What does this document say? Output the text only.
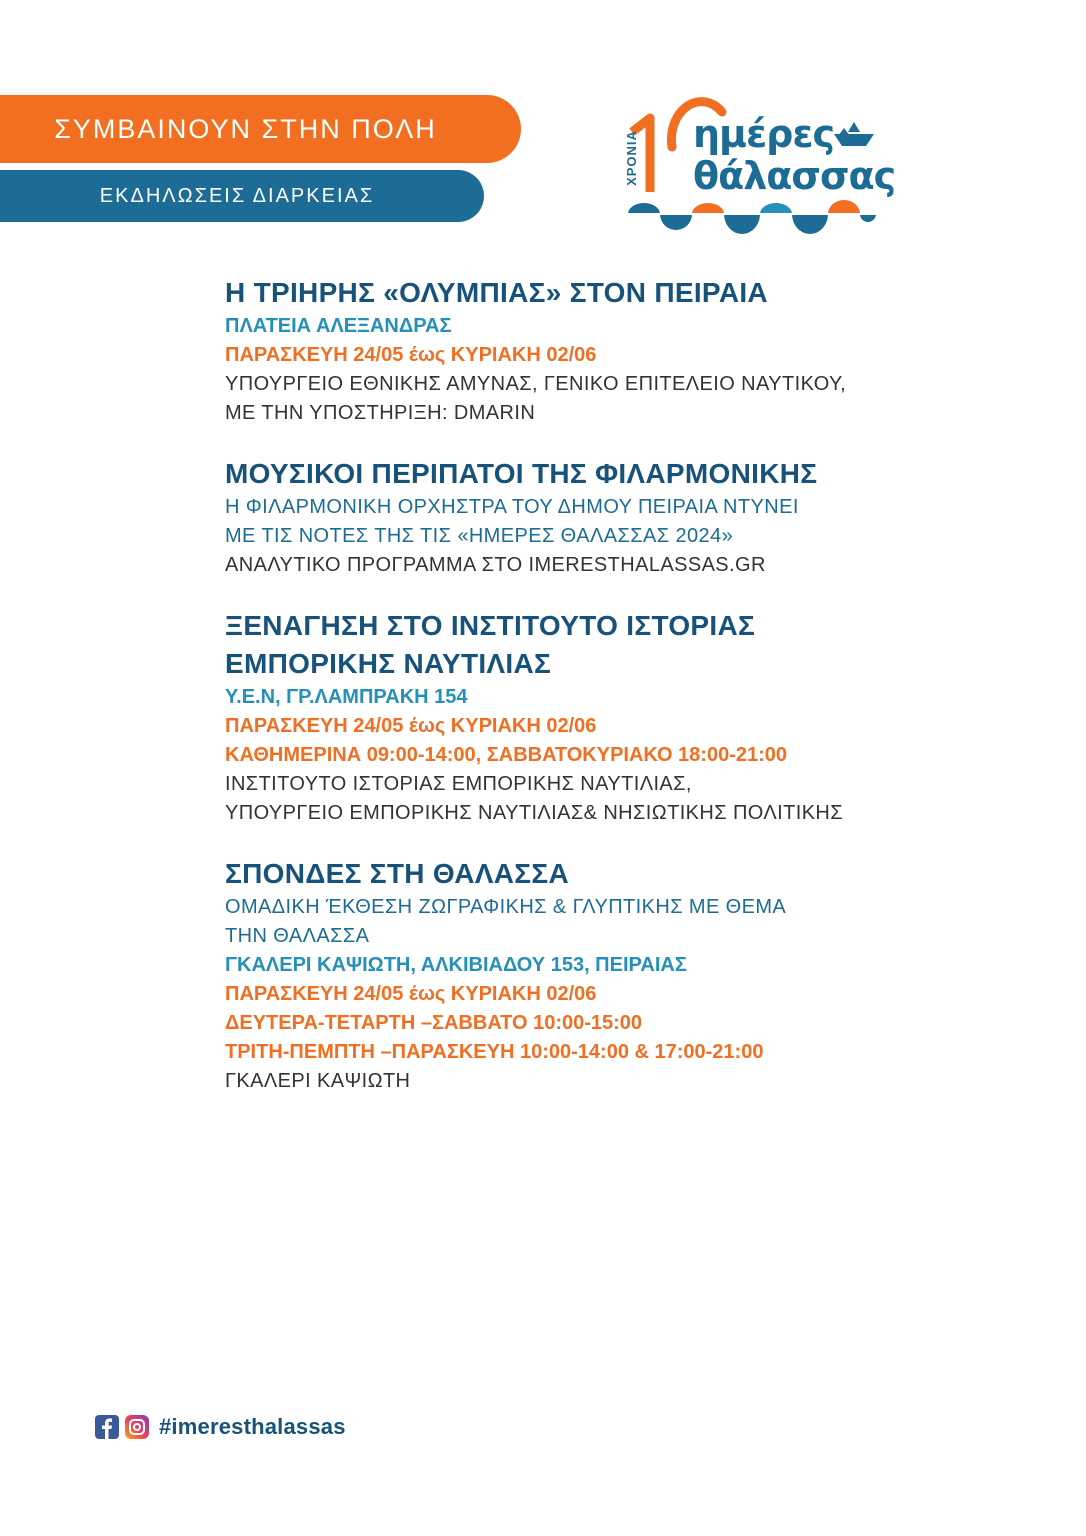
ΣΥΜΒΑΙΝΟΥΝ ΣΤΗΝ ΠΟΛΗ
ΕΚΔΗΛΩΣΕΙΣ ΔΙΑΡΚΕΙΑΣ
ΧΡΟΝΙΑ	ημέρες
θάλασσας
Η ΤΡΙΗΡΗΣ «ΟΛΥΜΠΙΑΣ» ΣΤΟΝ ΠΕΙΡΑΙΑ
ΠΛΑΤΕΙΑ ΑΛΕΞΑΝΔΡΑΣ
ΠΑΡΑΣΚΕΥΗ 24/05 έως ΚΥΡΙΑΚΗ 02/06
ΥΠΟΥΡΓΕΙΟ ΕΘΝΙΚΗΣ ΑΜΥΝΑΣ, ΓΕΝΙΚΟ ΕΠΙΤΕΛΕΙΟ ΝΑΥΤΙΚΟΥ,
ΜΕ ΤΗΝ ΥΠΟΣΤΗΡΙΞΗ: DMARIN
ΜΟΥΣΙΚΟΙ ΠΕΡΙΠΑΤΟΙ ΤΗΣ ΦΙΛΑΡΜΟΝΙΚΗΣ
Η ΦΙΛΑΡΜΟΝΙΚΗ ΟΡΧΗΣΤΡΑ ΤΟΥ ΔΗΜΟΥ ΠΕΙΡΑΙΑ ΝΤΥΝΕΙ
ΜΕ ΤΙΣ ΝΟΤΕΣ ΤΗΣ ΤΙΣ «ΗΜΕΡΕΣ ΘΑΛΑΣΣΑΣ 2024»
ΑΝΑΛΥΤΙΚΟ ΠΡΟΓΡΑΜΜΑ ΣΤΟ IMERESTHALASSAS.GR
ΞΕΝΑΓΗΣΗ ΣΤΟ ΙΝΣΤΙΤΟΥΤΟ ΙΣΤΟΡΙΑΣ
ΕΜΠΟΡΙΚΗΣ ΝΑΥΤΙΛΙΑΣ
Υ.Ε.Ν, ΓΡ.ΛΑΜΠΡΑΚΗ 154
ΠΑΡΑΣΚΕΥΗ 24/05 έως ΚΥΡΙΑΚΗ 02/06
ΚΑΘΗΜΕΡΙΝΑ 09:00-14:00, ΣΑΒΒΑΤΟΚΥΡΙΑΚΟ 18:00-21:00
ΙΝΣΤΙΤΟΥΤΟ ΙΣΤΟΡΙΑΣ ΕΜΠΟΡΙΚΗΣ ΝΑΥΤΙΛΙΑΣ,
ΥΠΟΥΡΓΕΙΟ ΕΜΠΟΡΙΚΗΣ ΝΑΥΤΙΛΙΑΣ& ΝΗΣΙΩΤΙΚΗΣ ΠΟΛΙΤΙΚΗΣ
ΣΠΟΝΔΕΣ ΣΤΗ ΘΑΛΑΣΣΑ
ΟΜΑΔΙΚΗ ΈΚΘΕΣΗ ΖΩΓΡΑΦΙΚΗΣ & ΓΛΥΠΤΙΚΗΣ ΜΕ ΘΕΜΑ
ΤΗΝ ΘΑΛΑΣΣΑ
ΓΚΑΛΕΡΙ ΚΑΨΙΩΤΗ, ΑΛΚΙΒΙΑΔΟΥ 153, ΠΕΙΡΑΙΑΣ
ΠΑΡΑΣΚΕΥΗ 24/05 έως ΚΥΡΙΑΚΗ 02/06
ΔΕΥΤΕΡΑ-ΤΕΤΑΡΤΗ –ΣΑΒΒΑΤΟ 10:00-15:00
ΤΡΙΤΗ-ΠΕΜΠΤΗ –ΠΑΡΑΣΚΕΥΗ 10:00-14:00 & 17:00-21:00
ΓΚΑΛΕΡΙ ΚΑΨΙΩΤΗ
#imeresthalassas
